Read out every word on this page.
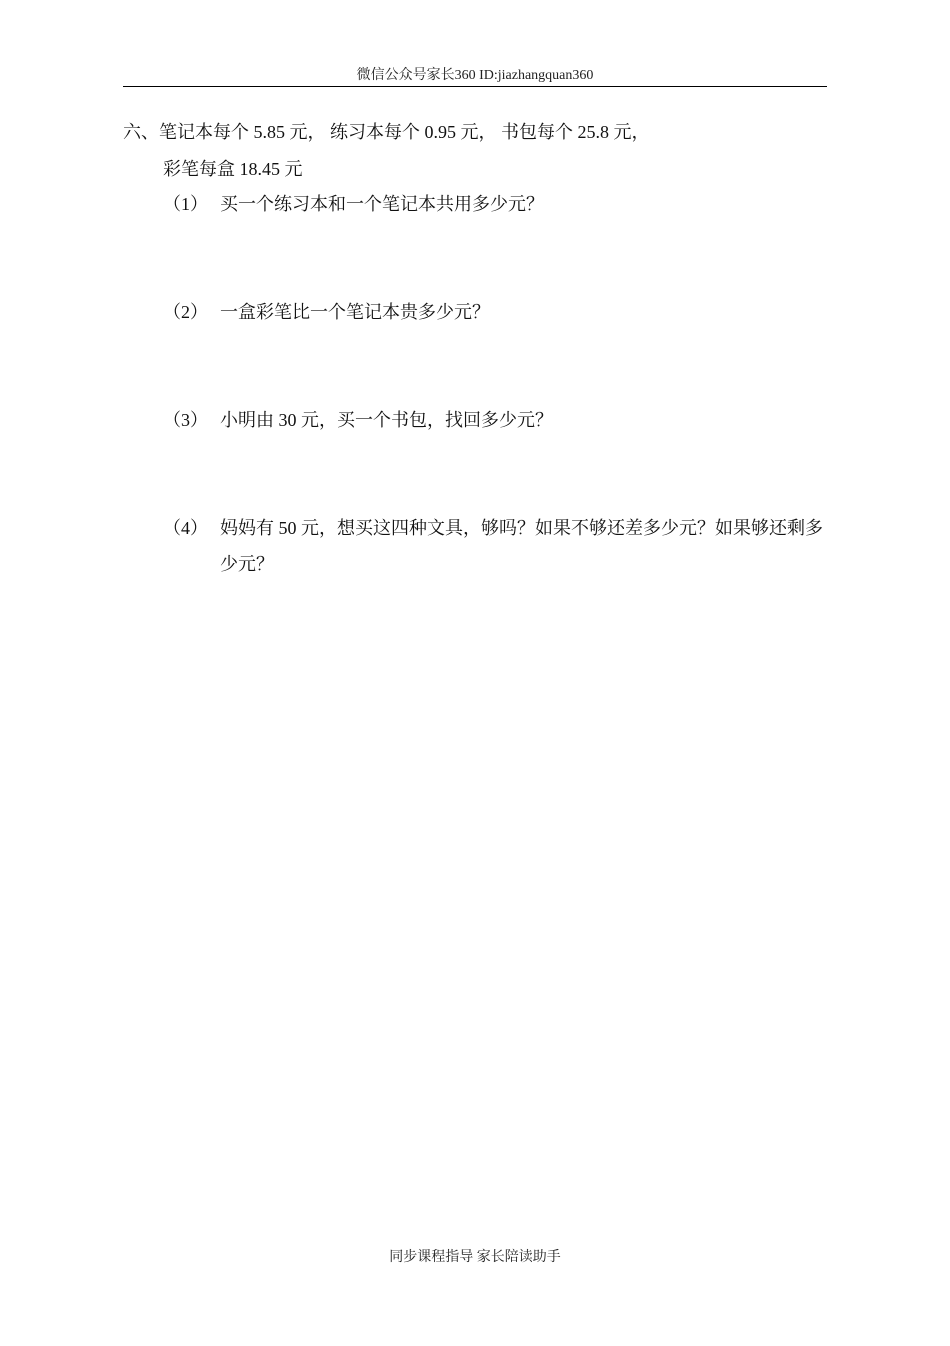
微信公众号家长360 ID:jiazhangquan360
六、笔记本每个 5.85 元， 练习本每个 0.95 元， 书包每个 25.8 元，
彩笔每盒 18.45 元
（1） 买一个练习本和一个笔记本共用多少元？
（2） 一盒彩笔比一个笔记本贵多少元？
（3） 小明由 30 元，买一个书包，找回多少元？
（4） 妈妈有 50 元，想买这四种文具，够吗？如果不够还差多少元？如果够还剩多少元？
同步课程指导 家长陪读助手
